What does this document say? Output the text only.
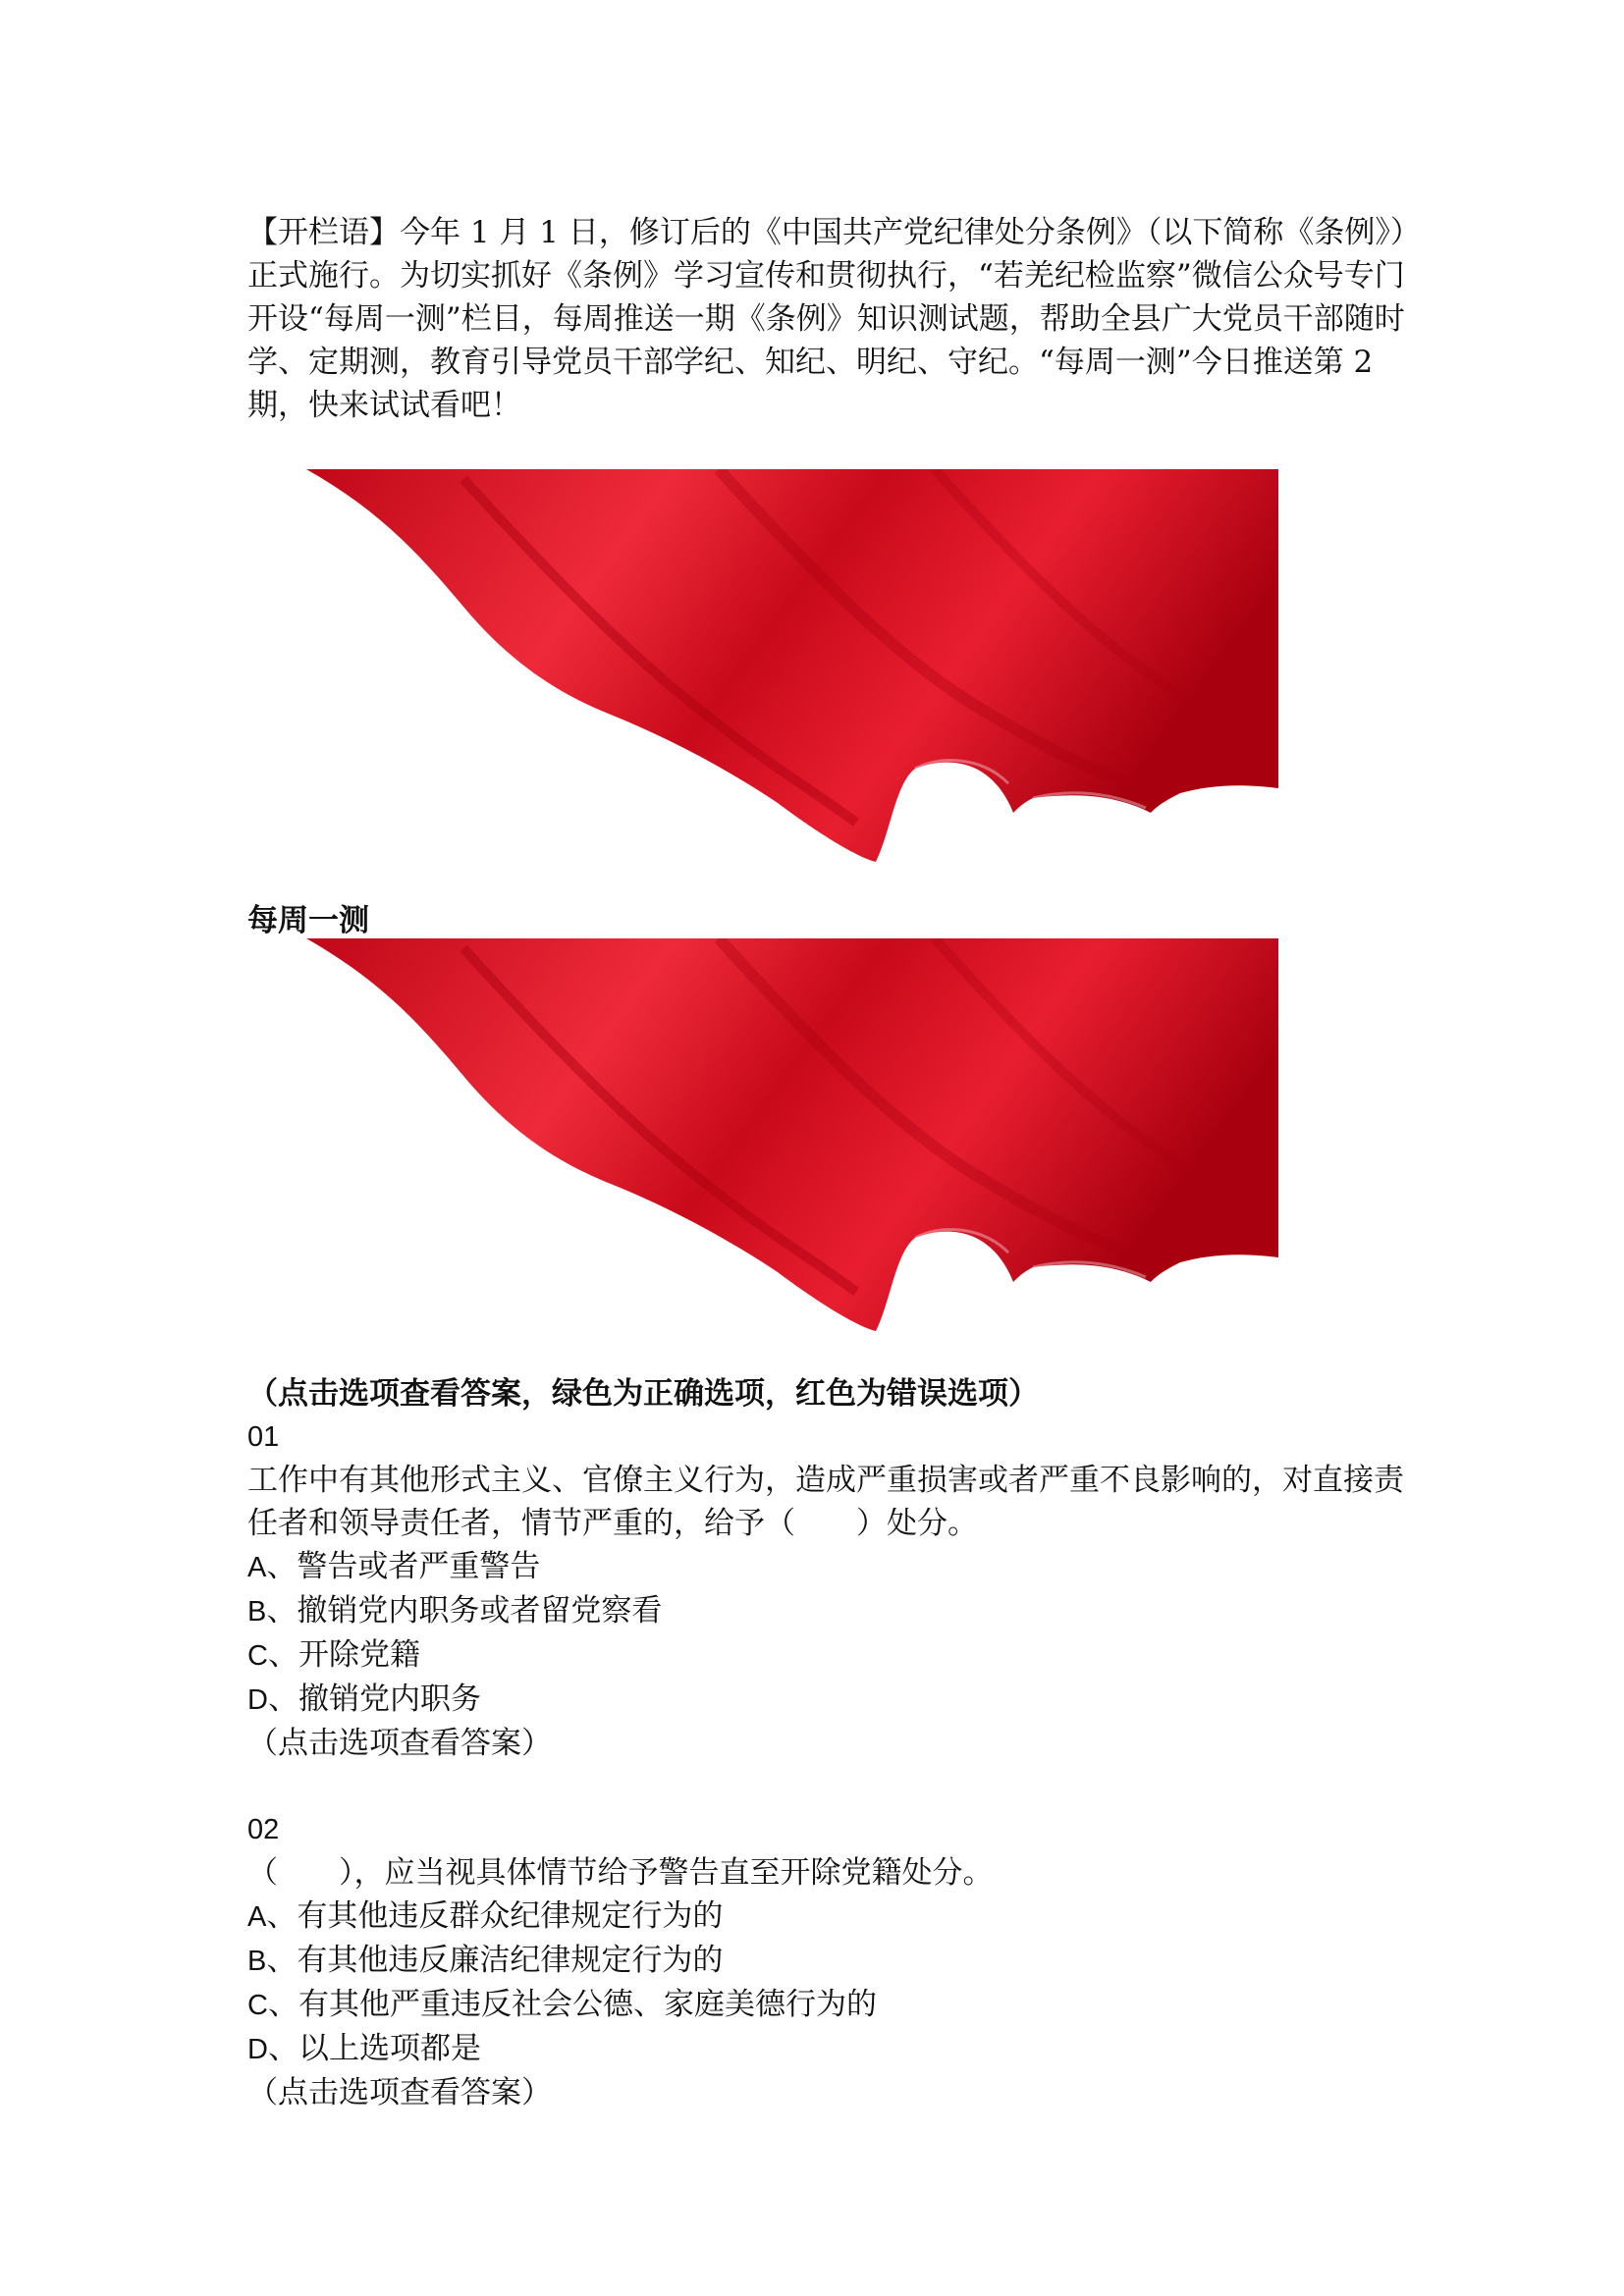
【开栏语】今年 1 月 1 日，修订后的《中国共产党纪律处分条例》（以下简称《条例》）正式施行。为切实抓好《条例》学习宣传和贯彻执行，“若羌纪检监察”微信公众号专门开设“每周一测”栏目，每周推送一期《条例》知识测试题，帮助全县广大党员干部随时学、定期测，教育引导党员干部学纪、知纪、明纪、守纪。“每周一测”今日推送第 2 期，快来试试看吧！

每周一测

（点击选项查看答案，绿色为正确选项，红色为错误选项）

01

工作中有其他形式主义、官僚主义行为，造成严重损害或者严重不良影响的，对直接责任者和领导责任者，情节严重的，给予（　　）处分。

A、警告或者严重警告

B、撤销党内职务或者留党察看

C、开除党籍

D、撤销党内职务

（点击选项查看答案）

02

（　　），应当视具体情节给予警告直至开除党籍处分。

A、有其他违反群众纪律规定行为的

B、有其他违反廉洁纪律规定行为的

C、有其他严重违反社会公德、家庭美德行为的

D、以上选项都是

（点击选项查看答案）
